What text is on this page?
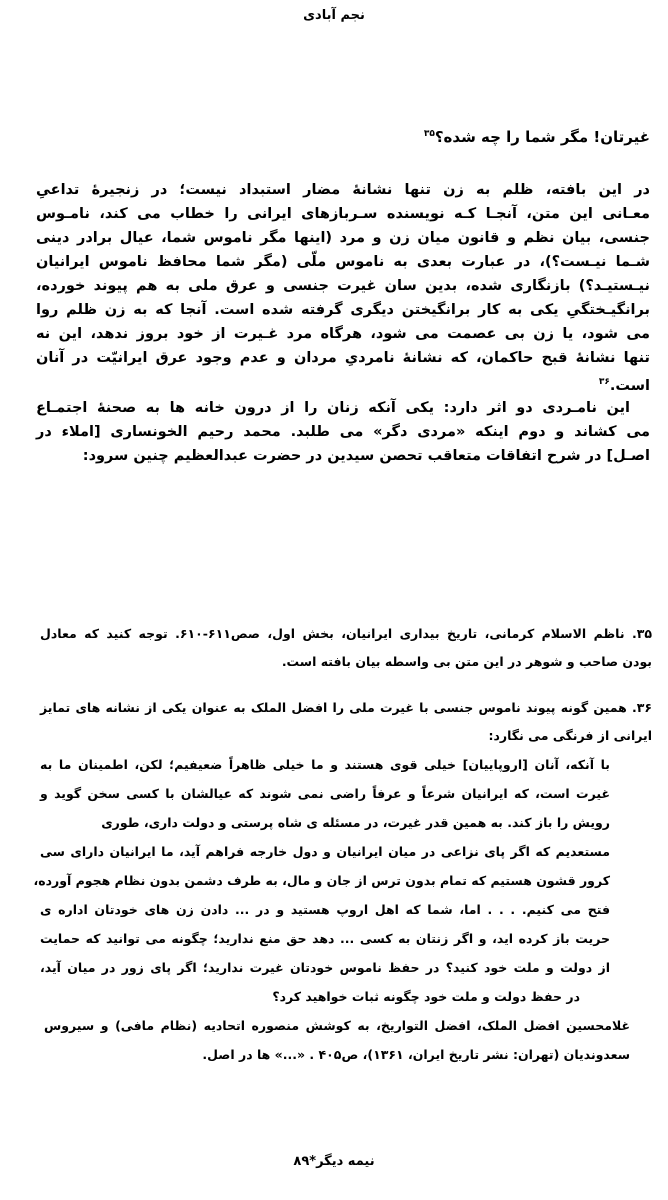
نجم آبادی
غیرتان! مگر شما را چه شده؟$^{۳۵}$
در این بافته، ظلم به زن تنها نشانهٔ مضار استبداد نیست؛ در زنجیرهٔ تداعیِ
معـانی این متن، آنجـا کـه نویسنده سـربازهای ایرانی را خطاب می کند، نامـوس
جنسی، بیان نظم و قانون میان زن و مرد (اینها مگر ناموس شما، عیال برادر دینی
شـما نیـست؟)، در عبارت بعدی به ناموس ملّی (مگر شما محافظ ناموس ایرانیان
نیـستیـد؟) بازنگاری شده، بدین سان غیرت جنسی و عرق ملی به هم پیوند خورده،
برانگیـختگیِ یکی به کار برانگیختن دیگری گرفته شده است. آنجا که به زن ظلم روا
می شود، یا زن بی عصمت می شود، هرگاه مرد غـیرت از خود بروز ندهد، این نه
تنها نشانهٔ قبح حاکمان، که نشانهٔ نامردیِ مردان و عدم وجود عرق ایرانیّت در آنان
است.$^{۳۶}$
این نامـردی دو اثر دارد: یکی آنکه زنان را از درون خانه ها به صحنهٔ اجتمـاع
می کشاند و دوم اینکه «مردی دگر» می طلبد. محمد رحیم الخونساری [املاء در
اصـل] در شرح اتفاقات متعاقب تحصن سیدین در حضرت عبدالعظیم چنین سرود:
۳۵. ناظم الاسلام کرمانی، تاریخ بیداری ایرانیان، بخش اول، صص۶۱۱-۶۱۰. توجه کنید که معادل
بودن صاحب و شوهر در این متن بی واسطه بیان بافته است.
۳۶. همین گونه پیوند ناموس جنسی با غیرت ملی را افضل الملک به عنوان یکی از نشانه های تمایز
ایرانی از فرنگی می نگارد:
با آنکه، آنان [اروپاییان] خیلی قوی هستند و ما خیلی ظاهراً ضعیفیم؛ لکن، اطمینان ما به
غیرت است، که ایرانیان شرعاً و عرفاً راضی نمی شوند که عیالشان با کسی سخن گوید و
رویش را باز کند. به همین قدر غیرت، در مسئله ی شاه پرستی و دولت داری، طوری
مستعدیم که اگر پای نزاعی در میان ایرانیان و دول خارجه فراهم آید، ما ایرانیان دارای سی
کرور قشون هستیم که تمام بدون ترس از جان و مال، به طرف دشمن بدون نظام هجوم آورده،
فتح می کنیم. . . . اما، شما که اهل اروپ هستید و در ... دادن زن های خودتان اداره ی
حریت باز کرده اید، و اگر زنتان به کسی ... دهد حق منع ندارید؛ چگونه می توانید که حمایت
از دولت و ملت خود کنید؟ در حفظ ناموس خودتان غیرت ندارید؛ اگر پای زور در میان آید،
در حفظ دولت و ملت خود چگونه ثبات خواهید کرد؟
غلامحسین افضل الملک، افضل التواریخ، به کوشش منصوره اتحادیه (نظام مافی) و سیروس
سعدوندیان (تهران: نشر تاریخ ایران، ۱۳۶۱)، ص۴۰۵ . «...» ها در اصل.
نیمه دیگر*۸۹
